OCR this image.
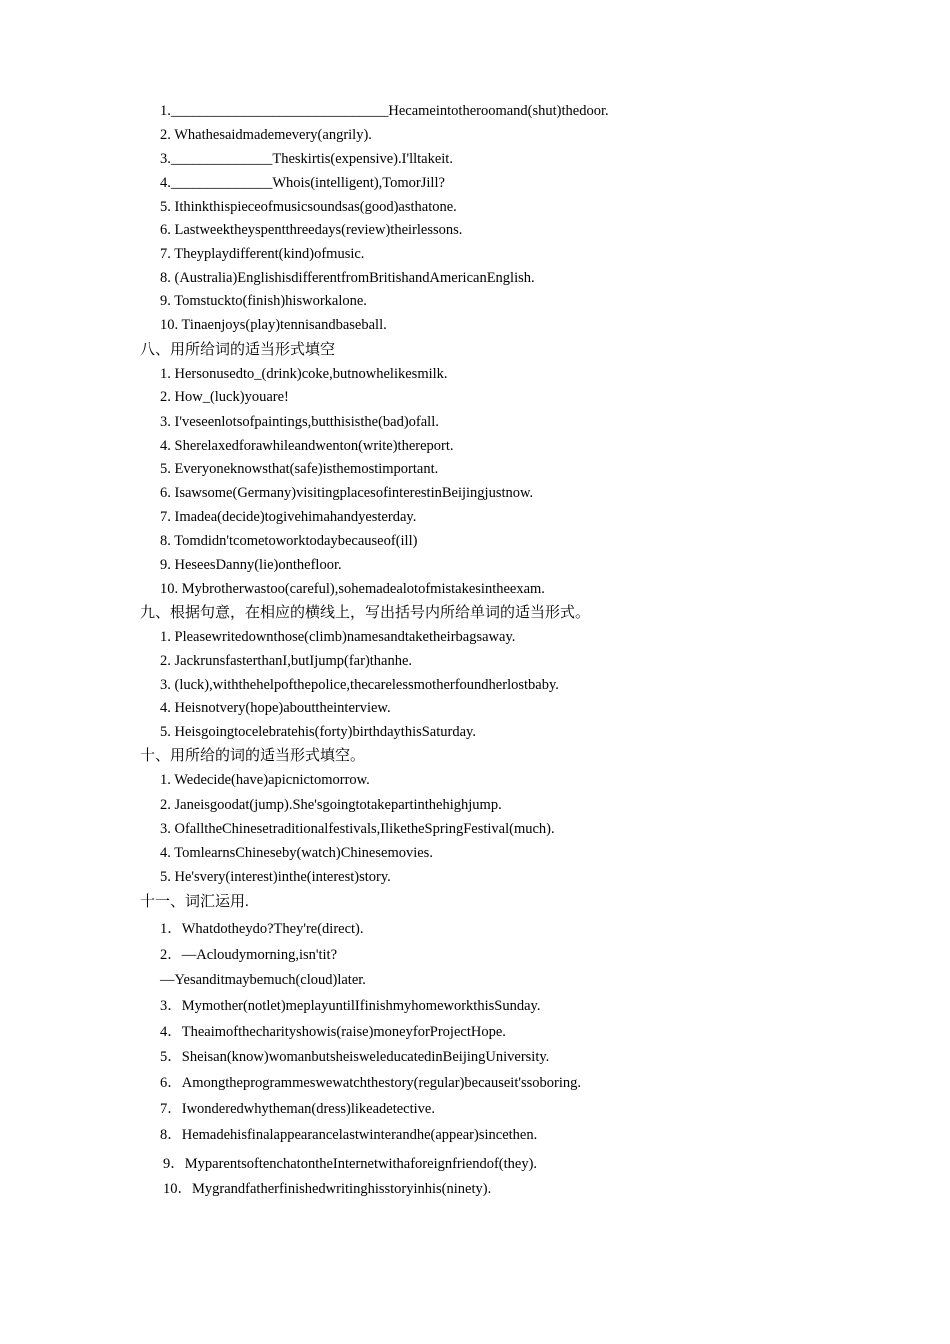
1.______________________________Hecameintotheroomand(shut)thedoor.
2. Whathesaidmademevery(angrily).
3.______________Theskirtis(expensive).I'lltakeit.
4.______________Whois(intelligent),TomorJill?
5. Ithinkthispieceofmusicsoundsas(good)asthatone.
6. Lastweektheyspentthreedays(review)theirlessons.
7. Theyplaydifferent(kind)ofmusic.
8. (Australia)EnglishisdifferentfromBritishandAmericanEnglish.
9. Tomstuckto(finish)hisworkalone.
10. Tinaenjoys(play)tennisandbaseball.
八、用所给词的适当形式填空
1. Hersonusedto_(drink)coke,butnowhelikesmilk.
2. How_(luck)youare!
3. I'veseenlotsofpaintings,butthisisthe(bad)ofall.
4. Sherelaxedforawhileandwenton(write)thereport.
5. Everyoneknowsthat(safe)isthemostimportant.
6. Isawsome(Germany)visitingplacesofinterestinBeijingjustnow.
7. Imadea(decide)togivehimahandyesterday.
8. Tomdidn'tcometoworktodaybecauseof(ill)
9. HeseesDanny(lie)onthefloor.
10. Mybrotherwastoo(careful),sohemadealotofmistakesintheexam.
九、根据句意，在相应的横线上，写出括号内所给单词的适当形式。
1. Pleasewritedownthose(climb)namesandtaketheirbagsaway.
2. JackrunsfasterthanI,butIjump(far)thanhe.
3. (luck),withthehelpofthepolice,thecarelessmotherfoundherlostbaby.
4. Heisnotvery(hope)abouttheinterview.
5. Heisgoingtocelebratehis(forty)birthdaythisSaturday.
十、用所给的词的适当形式填空。
1. Wedecide(have)apicnictomorrow.
2. Janeisgoodat(jump).She'sgoingtotakepartinthehighjump.
3. OfalltheChinesetraditionalfestivals,IliketheSpringFestival(much).
4. TomlearnsChineseby(watch)Chinesemovies.
5. He'svery(interest)inthe(interest)story.
十一、词汇运用.
1．Whatdotheydo?They're(direct).
2．—Acloudymorning,isn'tit?
—Yesanditmaybemuch(cloud)later.
3．Mymother(notlet)meplayuntilIfinishmyhomeworkthisSunday.
4．Theaimofthecharityshowis(raise)moneyforProjectHope.
5．Sheisan(know)womanbutsheisweleducatedinBeijingUniversity.
6．Amongtheprogrammeswewatchthestory(regular)becauseit'ssoboring.
7．Iwonderedwhytheman(dress)likeadetective.
8．Hemadehisfinalappearancelastwinterandhe(appear)sincethen.
9．MyparentsoftenchatontheInternetwithaforeignfriendof(they).
10．Mygrandfatherfinishedwritinghisstoryinhis(ninety).
